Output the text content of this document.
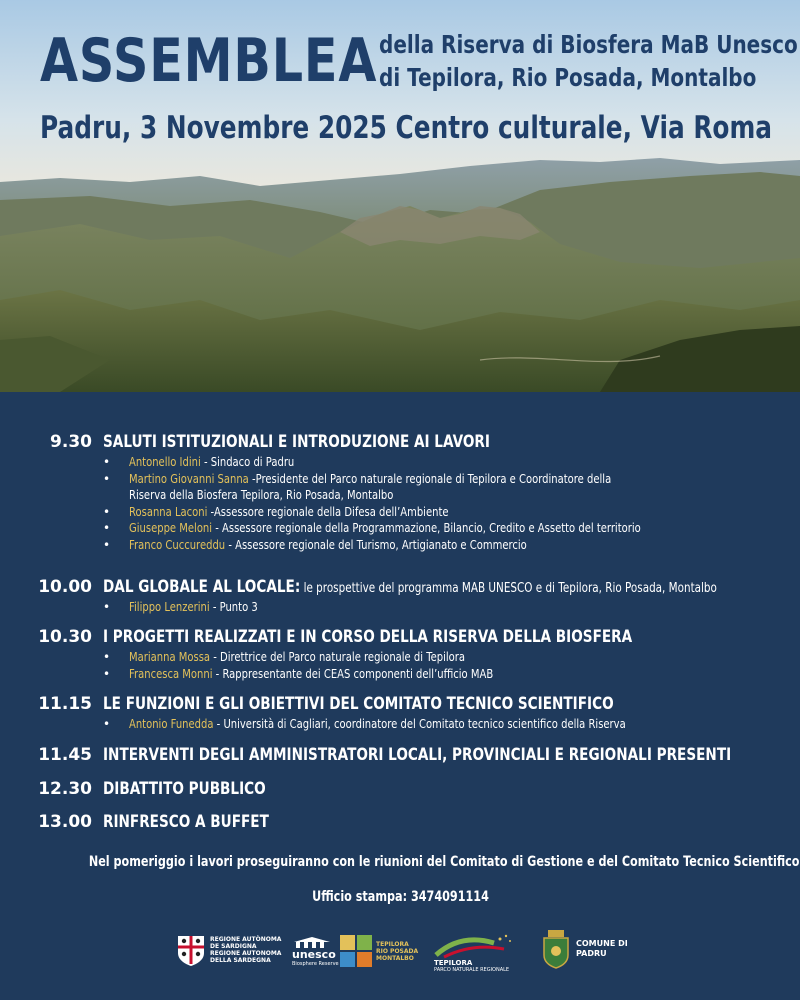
ASSEMBLEA della Riserva di Biosfera MaB Unesco
di Tepilora, Rio Posada, Montalbo
Padru, 3 Novembre 2025 Centro culturale, Via Roma
9.30 SALUTI ISTITUZIONALI E INTRODUZIONE AI LAVORI
• Antonello Idini - Sindaco di Padru
• Martino Giovanni Sanna -Presidente del Parco naturale regionale di Tepilora e Coordinatore della
Riserva della Biosfera Tepilora, Rio Posada, Montalbo
• Rosanna Laconi -Assessore regionale della Difesa dell’Ambiente
• Giuseppe Meloni - Assessore regionale della Programmazione, Bilancio, Credito e Assetto del territorio
• Franco Cuccureddu - Assessore regionale del Turismo, Artigianato e Commercio
10.00 DAL GLOBALE AL LOCALE: le prospettive del programma MAB UNESCO e di Tepilora, Rio Posada, Montalbo
• Filippo Lenzerini - Punto 3
10.30 I PROGETTI REALIZZATI E IN CORSO DELLA RISERVA DELLA BIOSFERA
• Marianna Mossa - Direttrice del Parco naturale regionale di Tepilora
• Francesca Monni - Rappresentante dei CEAS componenti dell’ufficio MAB
11.15 LE FUNZIONI E GLI OBIETTIVI DEL COMITATO TECNICO SCIENTIFICO
• Antonio Funedda - Università di Cagliari, coordinatore del Comitato tecnico scientifico della Riserva
11.45 INTERVENTI DEGLI AMMINISTRATORI LOCALI, PROVINCIALI E REGIONALI PRESENTI
12.30 DIBATTITO PUBBLICO
13.00 RINFRESCO A BUFFET
Nel pomeriggio i lavori proseguiranno con le riunioni del Comitato di Gestione e del Comitato Tecnico Scientifico
Ufficio stampa: 3474091114
REGIONE AUTÒNOMA
DE SARDIGNA
REGIONE AUTONOMA
DELLA SARDEGNA	unesco
Biosphere Reserve
TEPILORA
RIO POSADA
MONTALBO
TEPILORA
PARCO NATURALE REGIONALE
COMUNE DI
PADRU
